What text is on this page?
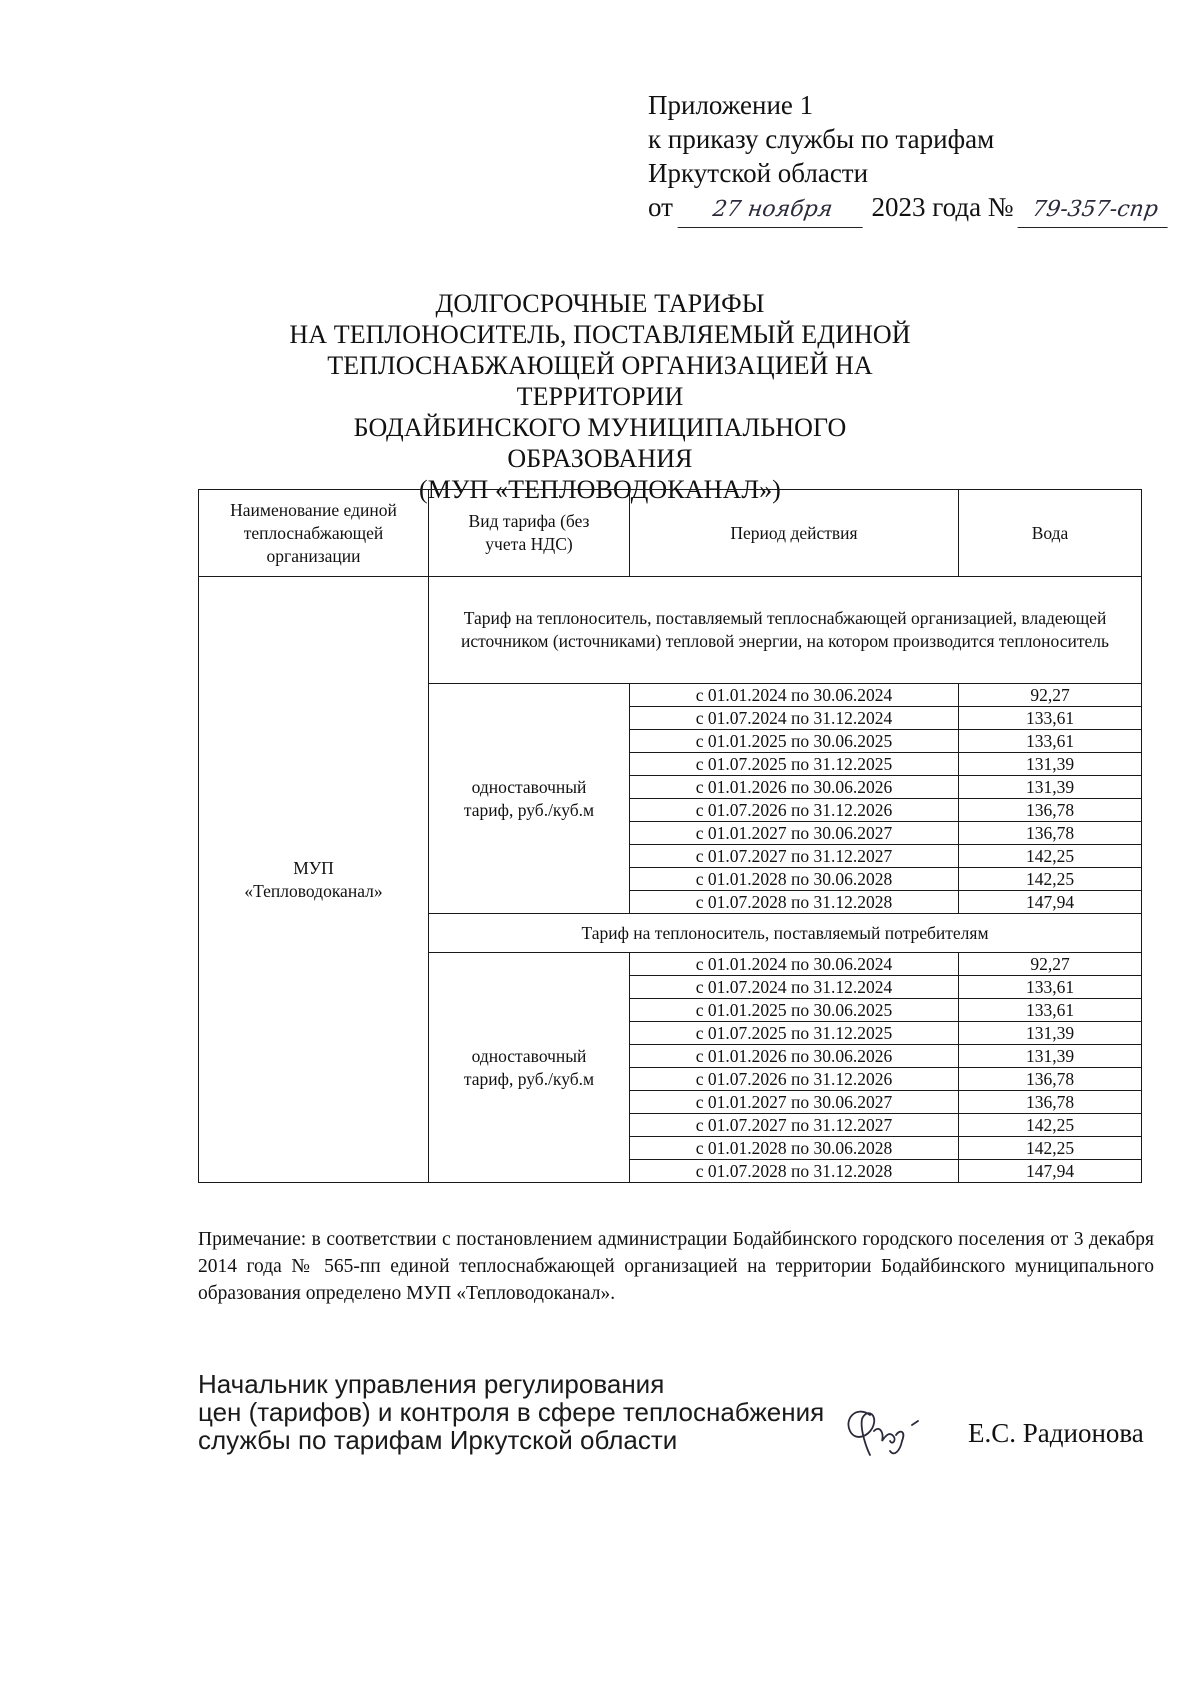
Приложение 1
к приказу службы по тарифам
Иркутской области
от 27 ноября 2023 года № 79-357-спр
ДОЛГОСРОЧНЫЕ ТАРИФЫ
НА ТЕПЛОНОСИТЕЛЬ, ПОСТАВЛЯЕМЫЙ ЕДИНОЙ
ТЕПЛОСНАБЖАЮЩЕЙ ОРГАНИЗАЦИЕЙ НА ТЕРРИТОРИИ
БОДАЙБИНСКОГО МУНИЦИПАЛЬНОГО ОБРАЗОВАНИЯ
(МУП «ТЕПЛОВОДОКАНАЛ»)
Наименование единой теплоснабжающей организации	Вид тарифа (без учета НДС)	Период действия	Вода

МУП «Тепловодоканал»	Тариф на теплоноситель, поставляемый теплоснабжающей организацией, владеющей источником (источниками) тепловой энергии, на котором производится теплоноситель		

	одноставочный тариф, руб./куб.м	с 01.01.2024 по 30.06.2024	92,27
		с 01.07.2024 по 31.12.2024	133,61
		с 01.01.2025 по 30.06.2025	133,61
		с 01.07.2025 по 31.12.2025	131,39
		с 01.01.2026 по 30.06.2026	131,39
		с 01.07.2026 по 31.12.2026	136,78
		с 01.01.2027 по 30.06.2027	136,78
		с 01.07.2027 по 31.12.2027	142,25
		с 01.01.2028 по 30.06.2028	142,25
		с 01.07.2028 по 31.12.2028	147,94
	Тариф на теплоноситель, поставляемый потребителям		

	одноставочный тариф, руб./куб.м	с 01.01.2024 по 30.06.2024	92,27
		с 01.07.2024 по 31.12.2024	133,61
		с 01.01.2025 по 30.06.2025	133,61
		с 01.07.2025 по 31.12.2025	131,39
		с 01.01.2026 по 30.06.2026	131,39
		с 01.07.2026 по 31.12.2026	136,78
		с 01.01.2027 по 30.06.2027	136,78
		с 01.07.2027 по 31.12.2027	142,25
		с 01.01.2028 по 30.06.2028	142,25
		с 01.07.2028 по 31.12.2028	147,94
Примечание: в соответствии с постановлением администрации Бодайбинского городского поселения от 3 декабря 2014 года № 565-пп единой теплоснабжающей организацией на территории Бодайбинского муниципального образования определено МУП «Тепловодоканал».
Начальник управления регулирования
цен (тарифов) и контроля в сфере теплоснабжения
службы по тарифам Иркутской области	Е.С. Радионова
